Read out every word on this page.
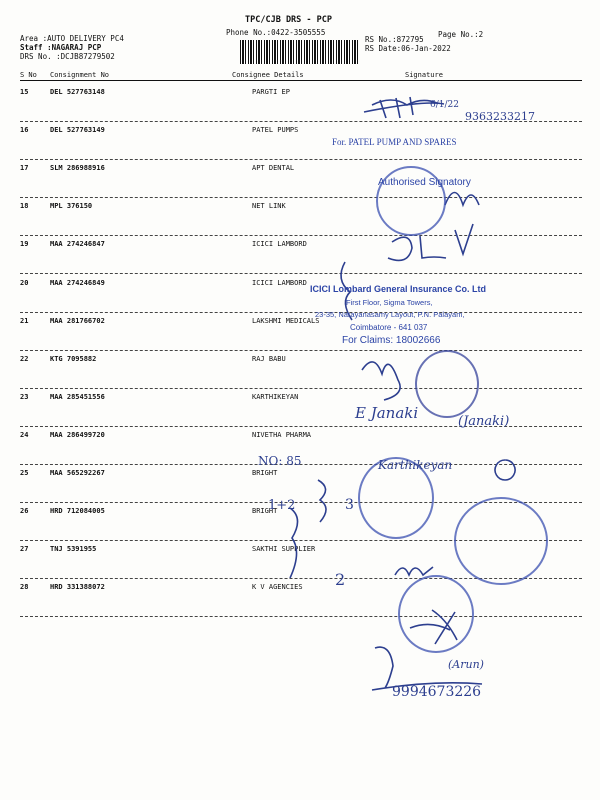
TPC/CJB DRS - PCP
Phone No.:0422-3505555
Area :AUTO DELIVERY PC4
Staff :NAGARAJ PCP
DRS No. :DCJB87279502
Page No.:2
RS No.:872795
RS Date:06-Jan-2022
S No Consignment No	Consignee Details	Signature
15	DEL 527763148	PARGTI EP
16	DEL 527763149	PATEL PUMPS
17	SLM 286988916	APT DENTAL
18	MPL 376150	NET LINK
19	MAA 274246847	ICICI LAMBORD
20	MAA 274246849	ICICI LAMBORD
21	MAA 281766702	LAKSHMI MEDICALS
22	KTG 7095882	RAJ BABU
23	MAA 285451556	KARTHIKEYAN
24	MAA 286499720	NIVETHA PHARMA
25	MAA 565292267	BRIGHT
26	HRD 712084005	BRIGHT
27	TNJ 5391955	SAKTHI SUPPLIER
28	HRD 331388072	K V AGENCIES
For. PATEL PUMP AND SPARES
Authorised Signatory
ICICI Lombard General Insurance Co. Ltd
First Floor, Sigma Towers,
23-35, Narayanasamy Layout, P.N. Palayam,
Coimbatore - 641 037
For Claims: 18002666
6/1/22
9363233217
E Janaki	(Janaki)
NO: 85	Karthikeyan
1+2	3
2
(Arun)
9994673226
